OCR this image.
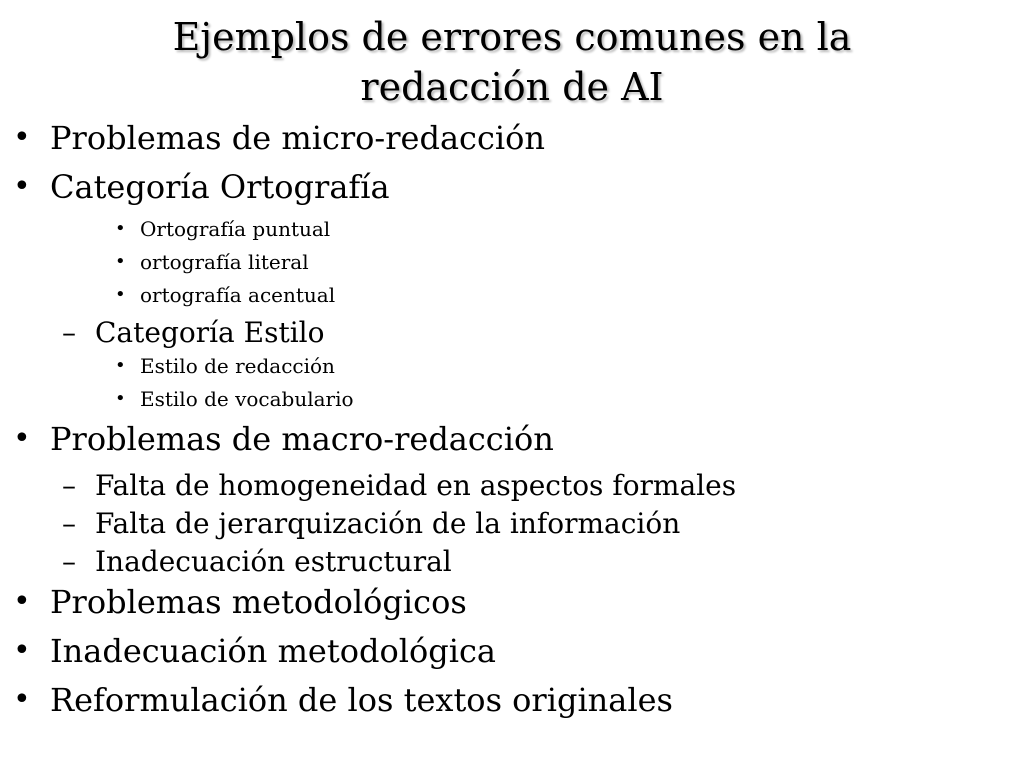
Ejemplos de errores comunes en la
redacción de AI
• Problemas de micro-redacción
• Categoría Ortografía
• Ortografía puntual
• ortografía literal
• ortografía acentual
– Categoría Estilo
• Estilo de redacción
• Estilo de vocabulario
• Problemas de macro-redacción
– Falta de homogeneidad en aspectos formales
– Falta de jerarquización de la información
– Inadecuación estructural
• Problemas metodológicos
• Inadecuación metodológica
• Reformulación de los textos originales
